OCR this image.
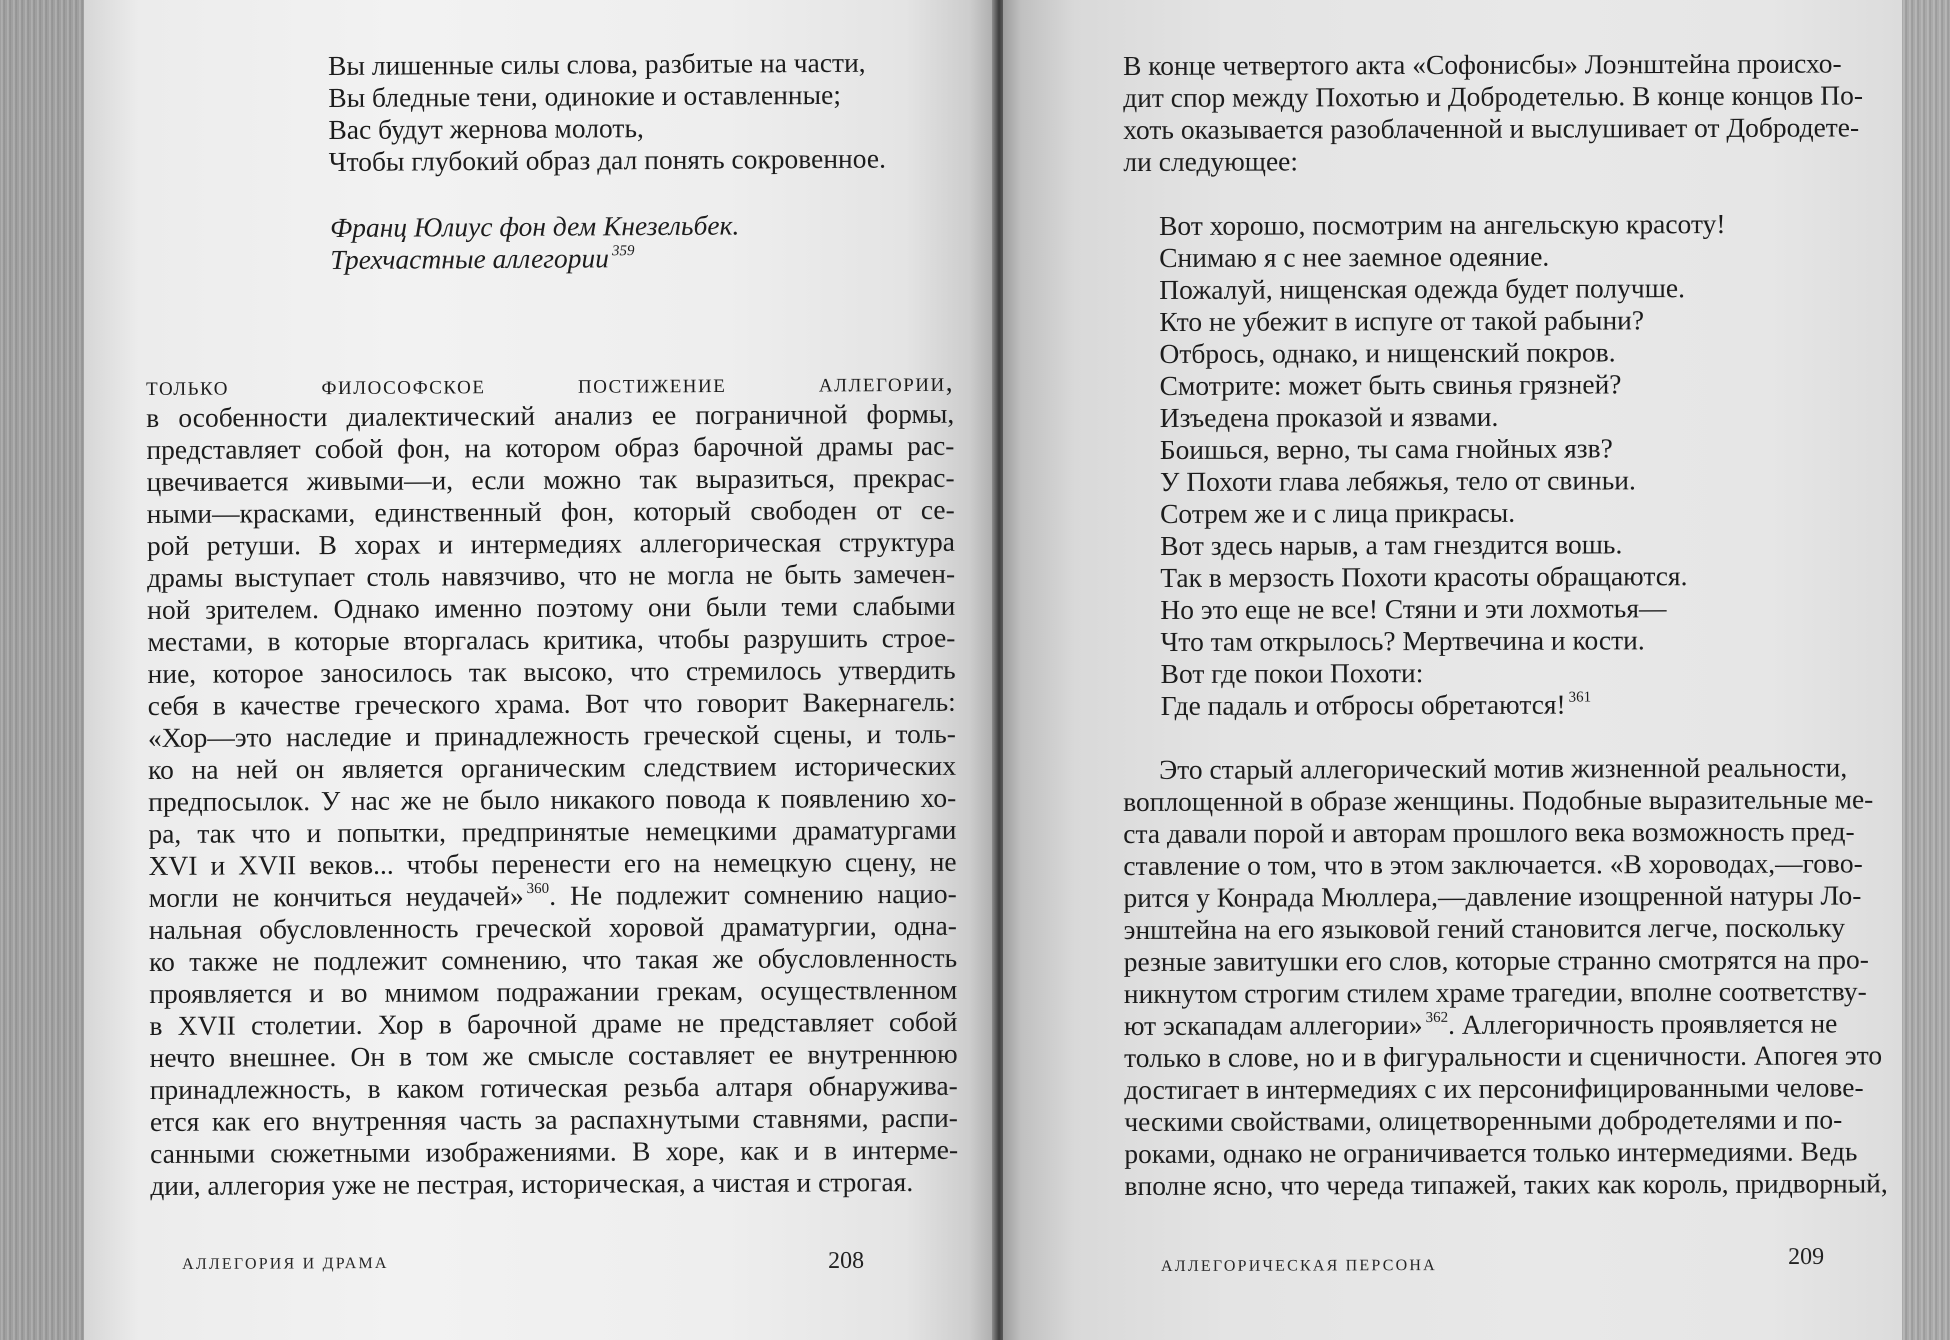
Вы лишенные силы слова, разбитые на части,
Вы бледные тени, одинокие и оставленные;
Вас будут жернова молоть,
Чтобы глубокий образ дал понять сокровенное.
Франц Юлиус фон дем Кнезельбек.
Трехчастные аллегории $^{359}$
только философское постижение аллегории,
в особенности диалектический анализ ее пограничной формы,
представляет собой фон, на котором образ барочной драмы рас-
цвечивается живыми—и, если можно так выразиться, прекрас-
ными—красками, единственный фон, который свободен от се-
рой ретуши. В хорах и интермедиях аллегорическая структура
драмы выступает столь навязчиво, что не могла не быть замечен-
ной зрителем. Однако именно поэтому они были теми слабыми
местами, в которые вторгалась критика, чтобы разрушить строе-
ние, которое заносилось так высоко, что стремилось утвердить
себя в качестве греческого храма. Вот что говорит Вакернагель:
«Хор—это наследие и принадлежность греческой сцены, и толь-
ко на ней он является органическим следствием исторических
предпосылок. У нас же не было никакого повода к появлению хо-
ра, так что и попытки, предпринятые немецкими драматургами
XVI и XVII веков... чтобы перенести его на немецкую сцену, не
могли не кончиться неудачей» $^{360}$. Не подлежит сомнению нацио-
нальная обусловленность греческой хоровой драматургии, одна-
ко также не подлежит сомнению, что такая же обусловленность
проявляется и во мнимом подражании грекам, осуществленном
в XVII столетии. Хор в барочной драме не представляет собой
нечто внешнее. Он в том же смысле составляет ее внутреннюю
принадлежность, в каком готическая резьба алтаря обнаружива-
ется как его внутренняя часть за распахнутыми ставнями, распи-
санными сюжетными изображениями. В хоре, как и в интерме-
дии, аллегория уже не пестрая, историческая, а чистая и строгая.
АЛЛЕГОРИЯ И ДРАМА	208
В конце четвертого акта «Софонисбы» Лоэнштейна происхо-
дит спор между Похотью и Добродетелью. В конце концов По-
хоть оказывается разоблаченной и выслушивает от Добродете-
ли следующее:
Вот хорошо, посмотрим на ангельскую красоту!
Снимаю я с нее заемное одеяние.
Пожалуй, нищенская одежда будет получше.
Кто не убежит в испуге от такой рабыни?
Отбрось, однако, и нищенский покров.
Смотрите: может быть свинья грязней?
Изъедена проказой и язвами.
Боишься, верно, ты сама гнойных язв?
У Похоти глава лебяжья, тело от свиньи.
Сотрем же и с лица прикрасы.
Вот здесь нарыв, а там гнездится вошь.
Так в мерзость Похоти красоты обращаются.
Но это еще не все! Стяни и эти лохмотья—
Что там открылось? Мертвечина и кости.
Вот где покои Похоти:
Где падаль и отбросы обретаются! $^{361}$
Это старый аллегорический мотив жизненной реальности,
воплощенной в образе женщины. Подобные выразительные ме-
ста давали порой и авторам прошлого века возможность пред-
ставление о том, что в этом заключается. «В хороводах,—гово-
рится у Конрада Мюллера,—давление изощренной натуры Ло-
энштейна на его языковой гений становится легче, поскольку
резные завитушки его слов, которые странно смотрятся на про-
никнутом строгим стилем храме трагедии, вполне соответству-
ют эскападам аллегории» $^{362}$. Аллегоричность проявляется не
только в слове, но и в фигуральности и сценичности. Апогея это
достигает в интермедиях с их персонифицированными челове-
ческими свойствами, олицетворенными добродетелями и по-
роками, однако не ограничивается только интермедиями. Ведь
вполне ясно, что череда типажей, таких как король, придворный,
АЛЛЕГОРИЧЕСКАЯ ПЕРСОНА	209
